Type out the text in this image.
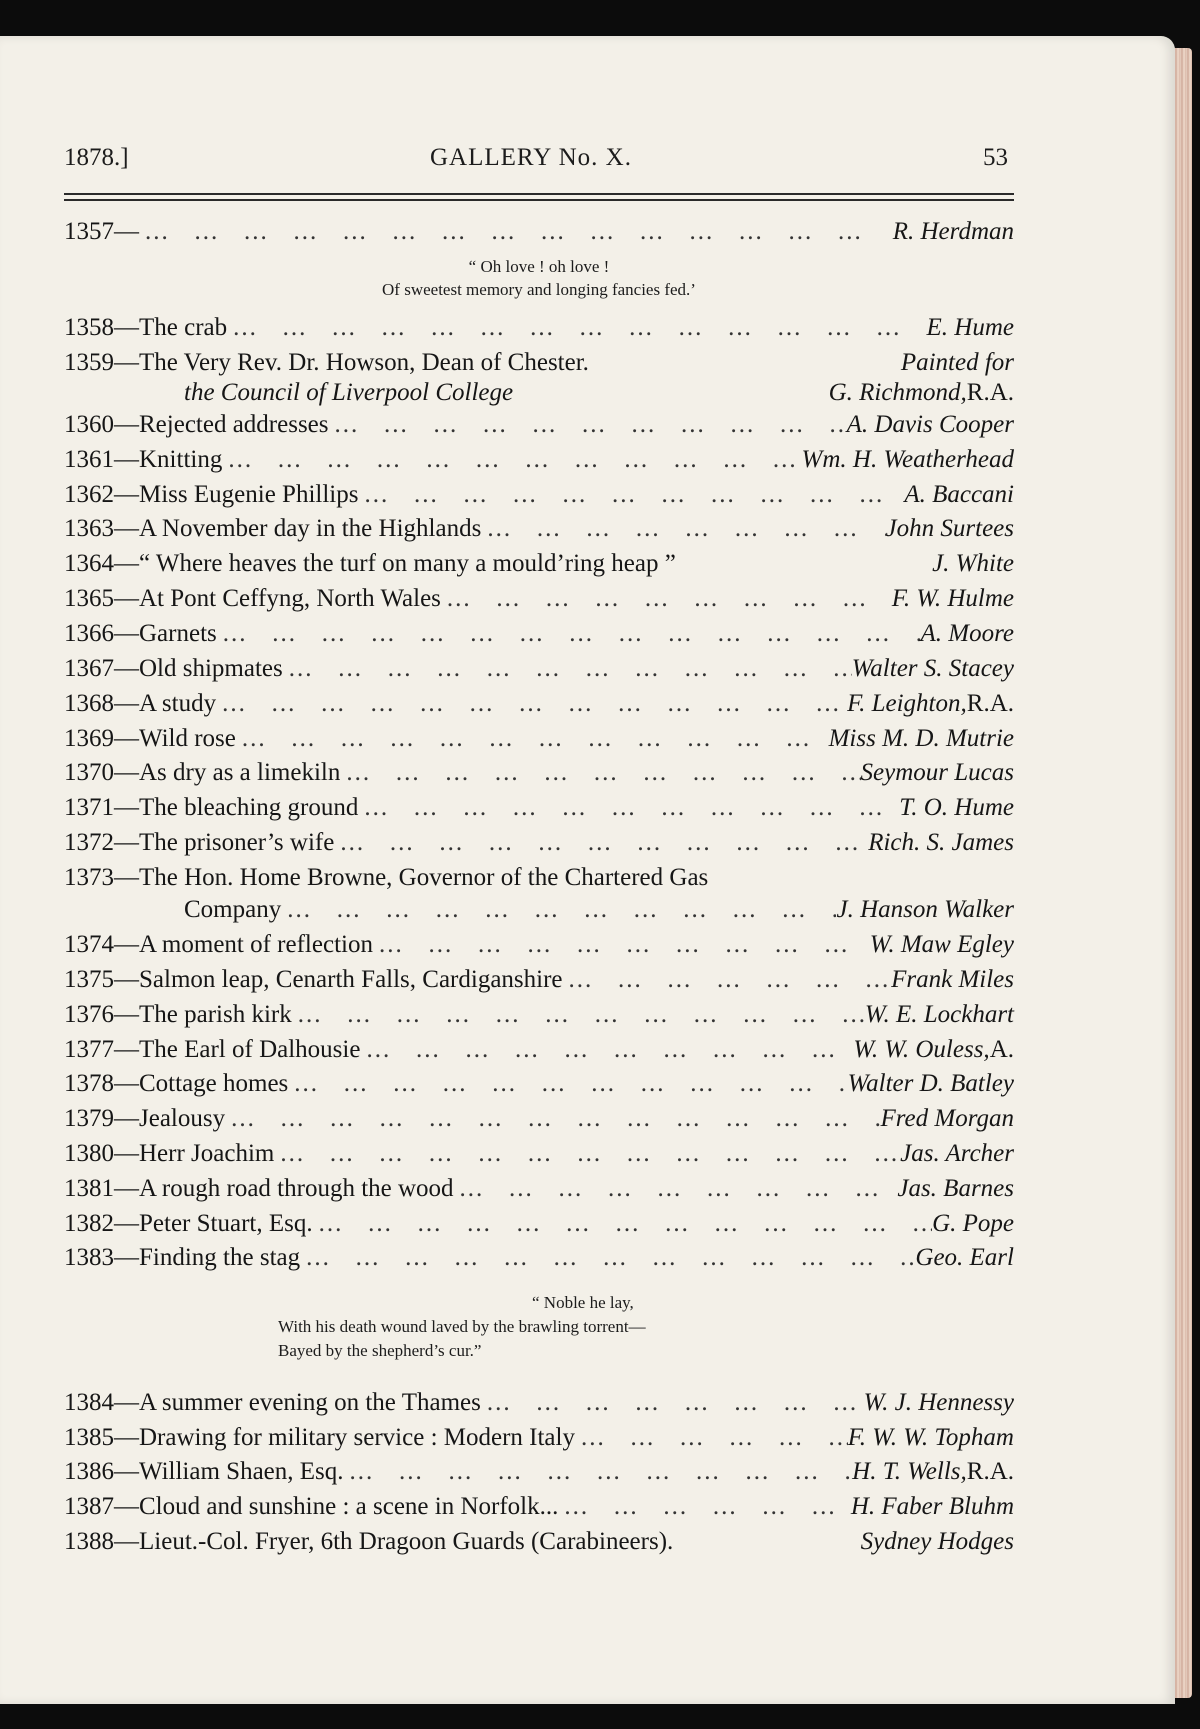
1878.]	GALLERY No. X.	53
1357— ...	R. Herdman
“ Oh love ! oh love !
Of sweetest memory and longing fancies fed.’
1358—The crab ...	E. Hume
1359—The Very Rev. Dr. Howson, Dean of Chester.	Painted for
the Council of Liverpool College	G. Richmond, R.A.
1360—Rejected addresses ...	A. Davis Cooper
1361—Knitting ...	Wm. H. Weatherhead
1362—Miss Eugenie Phillips ...	A. Baccani
1363—A November day in the Highlands ...	John Surtees
1364—“ Where heaves the turf on many a mould’ring heap ”	J. White
1365—At Pont Ceffyng, North Wales ...	F. W. Hulme
1366—Garnets ...	A. Moore
1367—Old shipmates ...	Walter S. Stacey
1368—A study ...	F. Leighton, R.A.
1369—Wild rose ...	Miss M. D. Mutrie
1370—As dry as a limekiln ...	Seymour Lucas
1371—The bleaching ground ...	T. O. Hume
1372—The prisoner’s wife ...	Rich. S. James
1373—The Hon. Home Browne, Governor of the Chartered Gas
Company ...	J. Hanson Walker
1374—A moment of reflection ...	W. Maw Egley
1375—Salmon leap, Cenarth Falls, Cardiganshire ...	Frank Miles
1376—The parish kirk ...	W. E. Lockhart
1377—The Earl of Dalhousie ...	W. W. Ouless, A.
1378—Cottage homes ...	Walter D. Batley
1379—Jealousy ...	Fred Morgan
1380—Herr Joachim ...	Jas. Archer
1381—A rough road through the wood ...	Jas. Barnes
1382—Peter Stuart, Esq. ...	G. Pope
1383—Finding the stag ...	Geo. Earl
“ Noble he lay,
With his death wound laved by the brawling torrent—
Bayed by the shepherd’s cur.”
1384—A summer evening on the Thames ...	W. J. Hennessy
1385—Drawing for military service : Modern Italy ...	F. W. W. Topham
1386—William Shaen, Esq. ...	H. T. Wells, R.A.
1387—Cloud and sunshine : a scene in Norfolk... ...	H. Faber Bluhm
1388—Lieut.-Col. Fryer, 6th Dragoon Guards (Carabineers).	Sydney Hodges
